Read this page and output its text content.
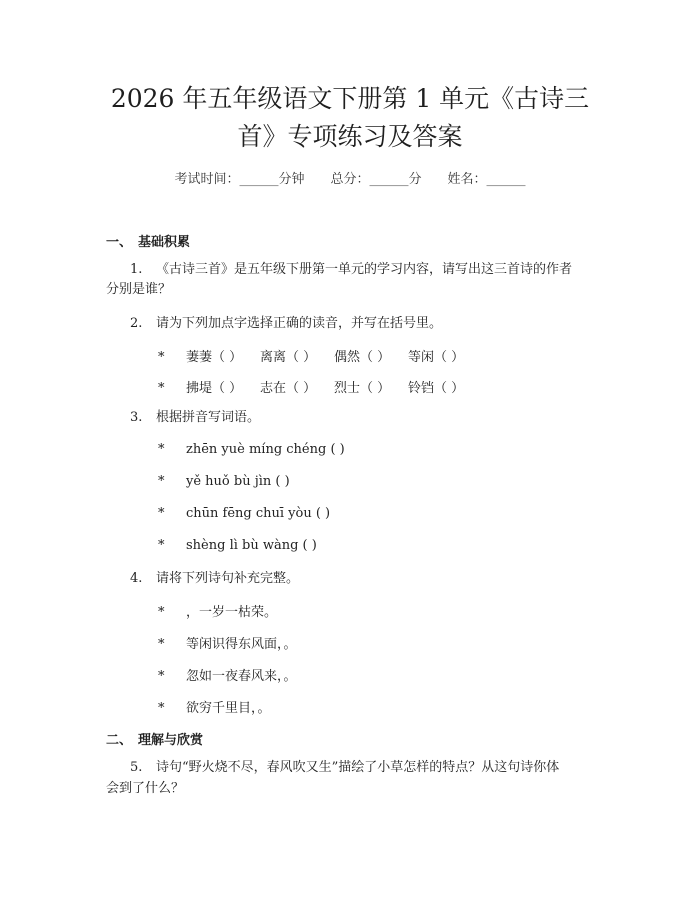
2026 年五年级语文下册第 1 单元《古诗三
首》专项练习及答案
考试时间：______分钟 总分：______分 姓名：______
一、 基础积累
1. 《古诗三首》是五年级下册第一单元的学习内容，请写出这三首诗的作者
分别是谁？
2. 请为下列加点字选择正确的读音，并写在括号里。
* 萋萋（ ） 离离（ ） 偶然（ ） 等闲（ ）
* 拂堤（ ） 志在（ ） 烈士（ ） 铃铛（ ）
3. 根据拼音写词语。
* zhēn yuè míng chéng ( )
* yě huǒ bù jìn ( )
* chūn fēng chuī yòu ( )
* shèng lì bù wàng ( )
4. 请将下列诗句补充完整。
* ，一岁一枯荣。
* 等闲识得东风面，。
* 忽如一夜春风来，。
* 欲穷千里目，。
二、 理解与欣赏
5. 诗句“野火烧不尽，春风吹又生”描绘了小草怎样的特点？从这句诗你体
会到了什么？
